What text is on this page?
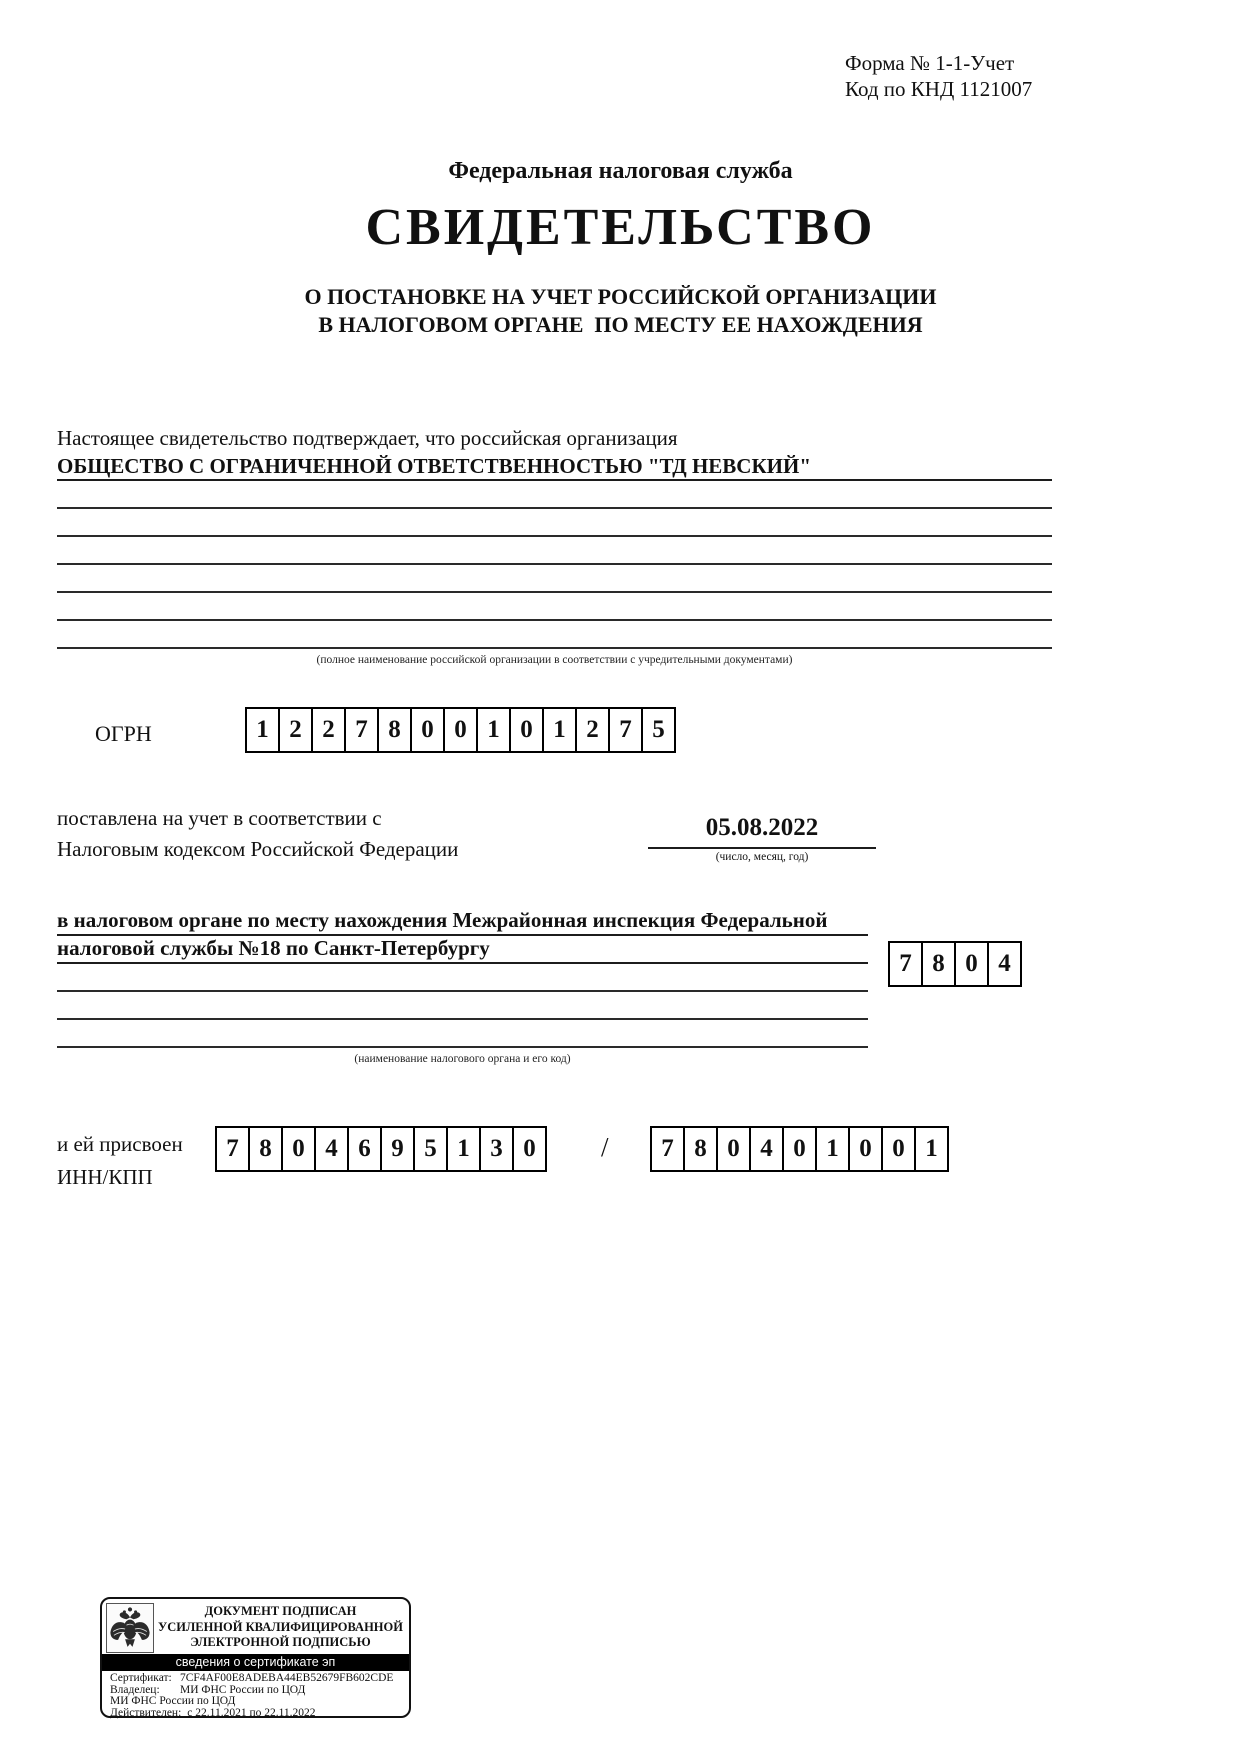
Форма № 1-1-Учет
Код по КНД 1121007
Федеральная налоговая служба
СВИДЕТЕЛЬСТВО
О ПОСТАНОВКЕ НА УЧЕТ РОССИЙСКОЙ ОРГАНИЗАЦИИ
В НАЛОГОВОМ ОРГАНЕ  ПО МЕСТУ ЕЕ НАХОЖДЕНИЯ
Настоящее свидетельство подтверждает, что российская организация
ОБЩЕСТВО С ОГРАНИЧЕННОЙ ОТВЕТСТВЕННОСТЬЮ "ТД НЕВСКИЙ"
(полное наименование российской организации в соответствии с учредительными документами)
ОГРН	1 2 2 7 8 0 0 1 0 1 2 7 5
поставлена на учет в соответствии с
Налоговым кодексом Российской Федерации
05.08.2022
(число, месяц, год)
в налоговом органе по месту нахождения Межрайонная инспекция Федеральной
налоговой службы №18 по Санкт-Петербургу
(наименование налогового органа и его код)
7 8 0 4
и ей присвоен
ИНН/КПП
7 8 0 4 6 9 5 1 3 0	/	7 8 0 4 0 1 0 0 1
ДОКУМЕНТ ПОДПИСАН
УСИЛЕННОЙ КВАЛИФИЦИРОВАННОЙ
ЭЛЕКТРОННОЙ ПОДПИСЬЮ
сведения о сертификате эп
Сертификат: 7CF4AF00E8ADEBA44EB52679FB602CDE
Владелец:	МИ ФНС России по ЦОД
МИ ФНС России по ЦОД
Действителен: с 22.11.2021 по 22.11.2022
